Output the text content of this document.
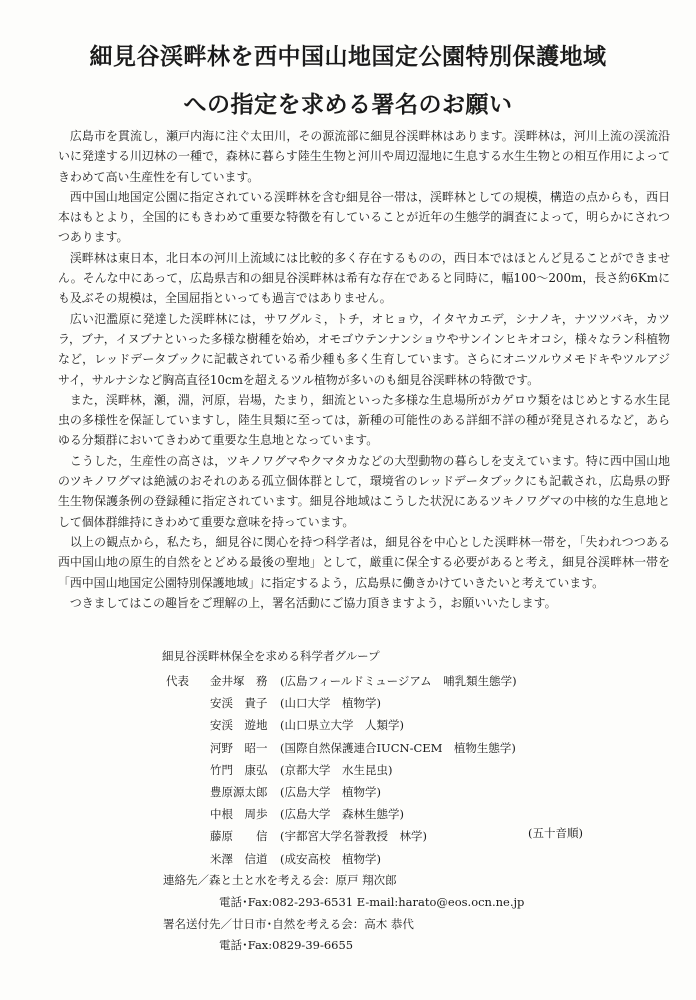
細見谷渓畔林を西中国山地国定公園特別保護地域
への指定を求める署名のお願い

広島市を貫流し，瀬戸内海に注ぐ太田川，その源流部に細見谷渓畔林はあります。渓畔林は，河川上流の渓流沿いに発達する川辺林の一種で，森林に暮らす陸生生物と河川や周辺湿地に生息する水生生物との相互作用によってきわめて高い生産性を有しています。

西中国山地国定公園に指定されている渓畔林を含む細見谷一帯は，渓畔林としての規模，構造の点からも，西日本はもとより，全国的にもきわめて重要な特徴を有していることが近年の生態学的調査によって，明らかにされつつあります。

渓畔林は東日本，北日本の河川上流域には比較的多く存在するものの，西日本ではほとんど見ることができません。そんな中にあって，広島県吉和の細見谷渓畔林は希有な存在であると同時に，幅100～200m，長さ約6Kmにも及ぶその規模は，全国屈指といっても過言ではありません。

広い氾濫原に発達した渓畔林には，サワグルミ，トチ，オヒョウ，イタヤカエデ，シナノキ，ナツツバキ，カツラ，ブナ，イヌブナといった多様な樹種を始め，オモゴウテンナンショウやサンインヒキオコシ，様々なラン科植物など，レッドデータブックに記載されている希少種も多く生育しています。さらにオニツルウメモドキやツルアジサイ，サルナシなど胸高直径10cmを超えるツル植物が多いのも細見谷渓畔林の特徴です。

また，渓畔林，瀬，淵，河原，岩場，たまり，細流といった多様な生息場所がカゲロウ類をはじめとする水生昆虫の多様性を保証していますし，陸生貝類に至っては，新種の可能性のある詳細不詳の種が発見されるなど，あらゆる分類群においてきわめて重要な生息地となっています。

こうした，生産性の高さは，ツキノワグマやクマタカなどの大型動物の暮らしを支えています。特に西中国山地のツキノワグマは絶滅のおそれのある孤立個体群として，環境省のレッドデータブックにも記載され，広島県の野生生物保護条例の登録種に指定されています。細見谷地域はこうした状況にあるツキノワグマの中核的な生息地として個体群維持にきわめて重要な意味を持っています。

以上の観点から，私たち，細見谷に関心を持つ科学者は，細見谷を中心とした渓畔林一帯を，「失われつつある西中国山地の原生的自然をとどめる最後の聖地」として，厳重に保全する必要があると考え，細見谷渓畔林一帯を「西中国山地国定公園特別保護地域」に指定するよう，広島県に働きかけていきたいと考えています。

つきましてはこの趣旨をご理解の上，署名活動にご協力頂きますよう，お願いいたします。

細見谷渓畔林保全を求める科学者グループ
代表	金井塚　務	(広島フィールドミュージアム　哺乳類生態学)
安渓　貴子	(山口大学　植物学)
安渓　遊地	(山口県立大学　人類学)
河野　昭一	(国際自然保護連合IUCN-CEM　植物生態学)
竹門　康弘	(京都大学　水生昆虫)
豊原源太郎	(広島大学　植物学)
中根　周歩	(広島大学　森林生態学)
藤原　　信	(宇都宮大学名誉教授　林学)
米澤　信道	(成安高校　植物学)
(五十音順)
連絡先／森と土と水を考える会：原戸 翔次郎
電話･Fax:082-293-6531 E-mail:harato@eos.ocn.ne.jp
署名送付先／廿日市･自然を考える会：高木 恭代
電話･Fax:0829-39-6655
